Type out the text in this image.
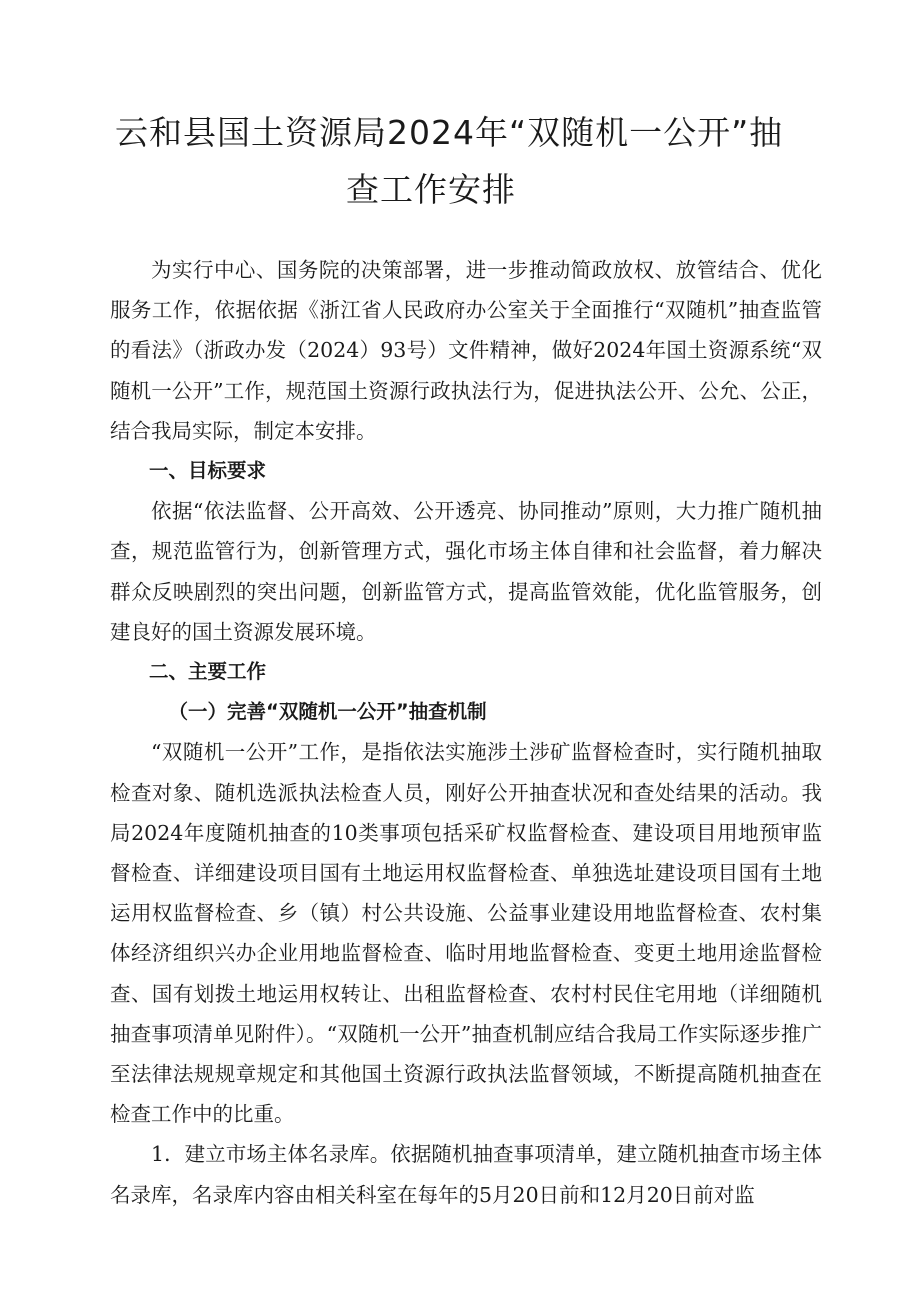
云和县国土资源局2024年“双随机一公开”抽
查工作安排

为实行中心、国务院的决策部署，进一步推动简政放权、放管结合、优化服务工作，依据依据《浙江省人民政府办公室关于全面推行“双随机”抽查监管的看法》（浙政办发（2024）93号）文件精神，做好2024年国土资源系统“双随机一公开”工作，规范国土资源行政执法行为，促进执法公开、公允、公正，结合我局实际，制定本安排。

一、目标要求

依据“依法监督、公开高效、公开透亮、协同推动”原则，大力推广随机抽查，规范监管行为，创新管理方式，强化市场主体自律和社会监督，着力解决群众反映剧烈的突出问题，创新监管方式，提高监管效能，优化监管服务，创建良好的国土资源发展环境。

二、主要工作

（一）完善“双随机一公开”抽查机制

“双随机一公开”工作，是指依法实施涉土涉矿监督检查时，实行随机抽取检查对象、随机选派执法检查人员，刚好公开抽查状况和查处结果的活动。我局2024年度随机抽查的10类事项包括采矿权监督检查、建设项目用地预审监督检查、详细建设项目国有土地运用权监督检查、单独选址建设项目国有土地运用权监督检查、乡（镇）村公共设施、公益事业建设用地监督检查、农村集体经济组织兴办企业用地监督检查、临时用地监督检查、变更土地用途监督检查、国有划拨土地运用权转让、出租监督检查、农村村民住宅用地（详细随机抽查事项清单见附件）。“双随机一公开”抽查机制应结合我局工作实际逐步推广至法律法规规章规定和其他国土资源行政执法监督领域，不断提高随机抽查在检查工作中的比重。

1．建立市场主体名录库。依据随机抽查事项清单，建立随机抽查市场主体名录库，名录库内容由相关科室在每年的5月20日前和12月20日前对监
